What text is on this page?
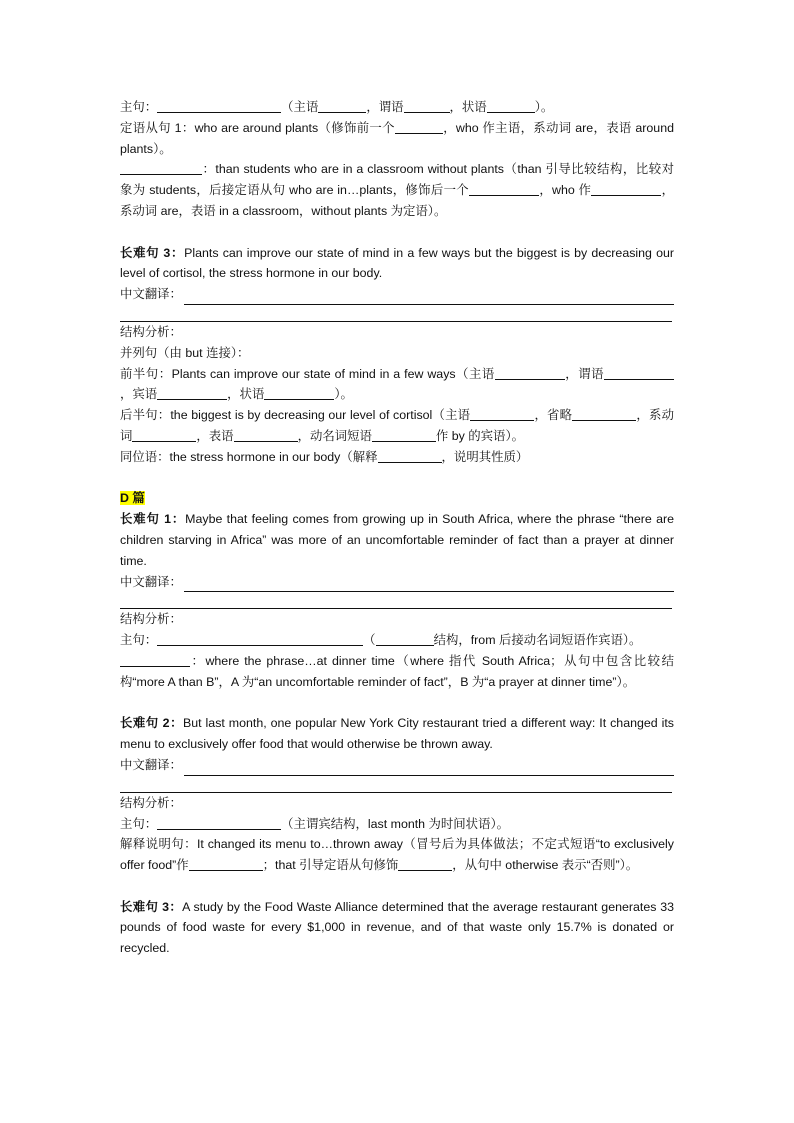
主句：	（主语	，谓语	，状语	）。

定语从句 1：who are around plants（修饰前一个	，who 作主语，系动词 are，表语 around plants）。

：than students who are in a classroom without plants（than 引导比较结构，比较对象为 students，后接定语从句 who are in…plants，修饰后一个	，who 作	，系动词 are，表语 in a classroom，without plants 为定语）。

长难句 3：Plants can improve our state of mind in a few ways but the biggest is by decreasing our level of cortisol, the stress hormone in our body.

中文翻译：

结构分析：

并列句（由 but 连接）：

前半句：Plants can improve our state of mind in a few ways（主语	，谓语，宾语	，状语	）。

后半句：the biggest is by decreasing our level of cortisol（主语	，省略	，系动词	，表语	，动名词短语	作 by 的宾语）。

同位语：the stress hormone in our body（解释	，说明其性质）

D 篇

长难句 1：Maybe that feeling comes from growing up in South Africa, where the phrase “there are children starving in Africa” was more of an uncomfortable reminder of fact than a prayer at dinner time.

中文翻译：

结构分析：

主句：	（	结构，from 后接动名词短语作宾语）。

：where the phrase…at dinner time（where 指代 South Africa；从句中包含比较结构“more A than B”，A 为“an uncomfortable reminder of fact”，B 为“a prayer at dinner time”）。

长难句 2：But last month, one popular New York City restaurant tried a different way: It changed its menu to exclusively offer food that would otherwise be thrown away.

中文翻译：

结构分析：

主句：	（主谓宾结构，last month 为时间状语）。

解释说明句：It changed its menu to…thrown away（冒号后为具体做法；不定式短语“to exclusively offer food”作	；that 引导定语从句修饰	，从句中 otherwise 表示“否则”）。

长难句 3：A study by the Food Waste Alliance determined that the average restaurant generates 33 pounds of food waste for every $1,000 in revenue, and of that waste only 15.7% is donated or recycled.
